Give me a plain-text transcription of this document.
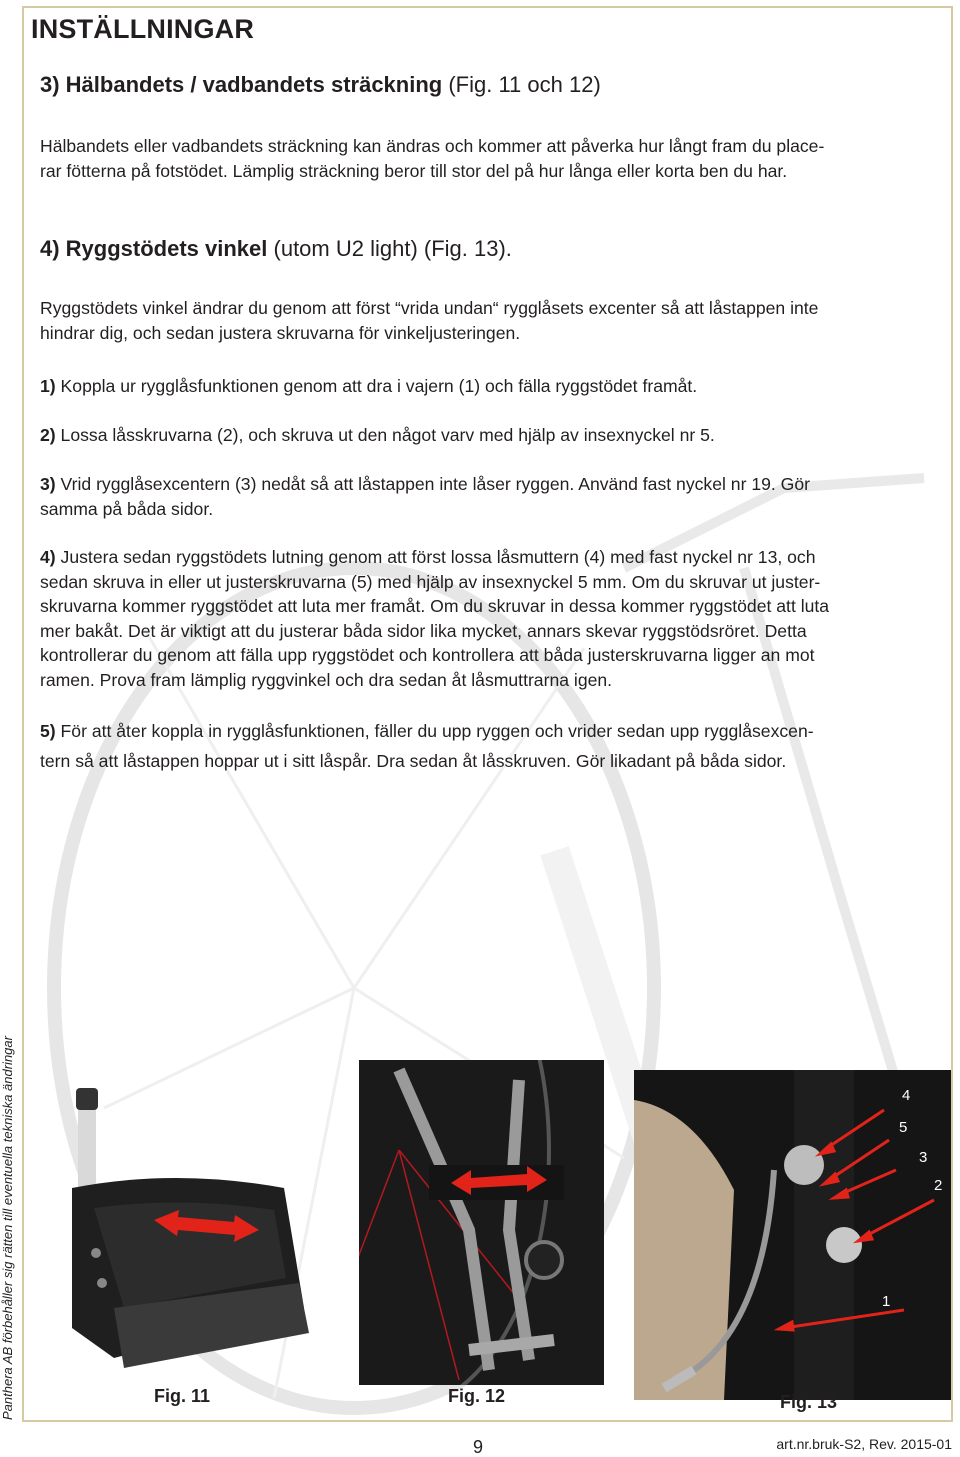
INSTÄLLNINGAR
3) Hälbandets / vadbandets sträckning (Fig. 11 och 12)
Hälbandets eller vadbandets sträckning kan ändras och kommer att påverka hur långt fram du place-
rar fötterna på fotstödet. Lämplig sträckning beror till stor del på hur långa eller korta ben du har.
4) Ryggstödets vinkel (utom U2 light) (Fig. 13).
Ryggstödets vinkel ändrar du genom att först “vrida undan“ rygglåsets excenter så att låstappen inte
hindrar dig, och sedan justera skruvarna för vinkeljusteringen.
1) Koppla ur rygglåsfunktionen genom att dra i vajern (1) och fälla ryggstödet framåt.
2) Lossa låsskruvarna (2), och skruva ut den något varv med hjälp av insexnyckel nr 5.
3) Vrid rygglåsexcentern (3) nedåt så att låstappen inte låser ryggen. Använd fast nyckel nr 19. Gör
samma på båda sidor.
4) Justera sedan ryggstödets lutning genom att först lossa låsmuttern (4) med fast nyckel nr 13, och
sedan skruva in eller ut justerskruvarna (5) med hjälp av insexnyckel 5 mm. Om du skruvar ut juster-
skruvarna kommer ryggstödet att luta mer framåt. Om du skruvar in dessa kommer ryggstödet att luta
mer bakåt. Det är viktigt att du justerar båda sidor lika mycket, annars skevar ryggstödsröret. Detta
kontrollerar du genom att fälla upp ryggstödet och kontrollera att båda justerskruvarna ligger an mot
ramen. Prova fram lämplig ryggvinkel och dra sedan åt låsmuttrarna igen.
5) För att åter koppla in rygglåsfunktionen, fäller du upp ryggen och vrider sedan upp rygglåsexcen-
tern så att låstappen hoppar ut i sitt låspår. Dra sedan åt låsskruven. Gör likadant på båda sidor.
4
5
3
2
1
Fig. 11	Fig. 12	Fig. 13
Panthera AB förbehåller sig rätten till eventuella tekniska ändringar
9	art.nr.bruk-S2, Rev. 2015-01
